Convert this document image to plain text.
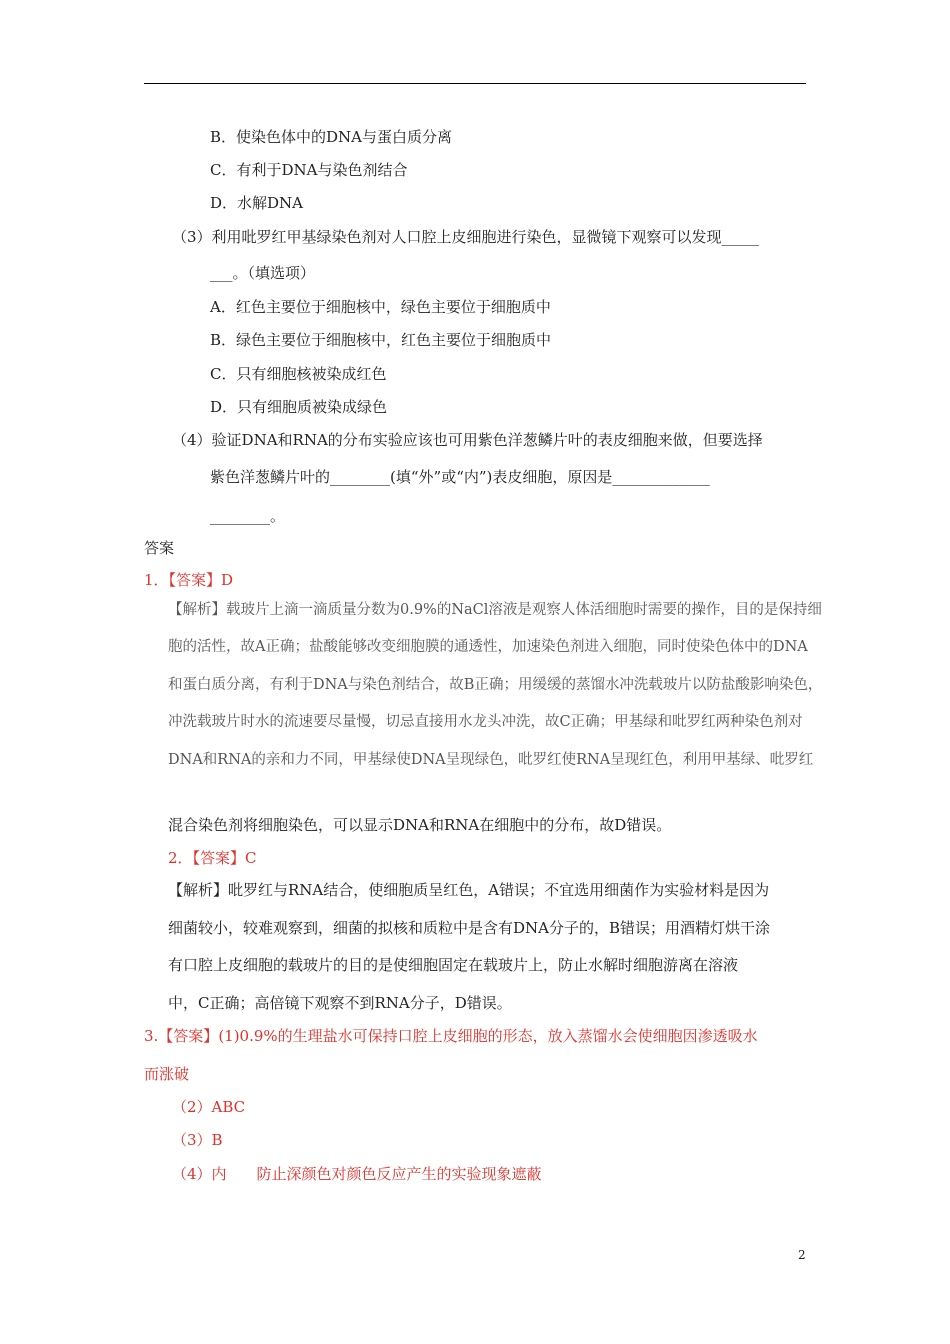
B．使染色体中的DNA与蛋白质分离
C．有利于DNA与染色剂结合
D．水解DNA
（3）利用吡罗红甲基绿染色剂对人口腔上皮细胞进行染色，显微镜下观察可以发现_____
___。（填选项）
A．红色主要位于细胞核中，绿色主要位于细胞质中
B．绿色主要位于细胞核中，红色主要位于细胞质中
C．只有细胞核被染成红色
D．只有细胞质被染成绿色
（4）验证DNA和RNA的分布实验应该也可用紫色洋葱鳞片叶的表皮细胞来做，但要选择
紫色洋葱鳞片叶的________(填“外”或“内”)表皮细胞，原因是_____________
________。
答案
1．【答案】D
【解析】载玻片上滴一滴质量分数为0.9%的NaCl溶液是观察人体活细胞时需要的操作，目的是保持细
胞的活性，故A正确；盐酸能够改变细胞膜的通透性，加速染色剂进入细胞，同时使染色体中的DNA
和蛋白质分离，有利于DNA与染色剂结合，故B正确；用缓缓的蒸馏水冲洗载玻片以防盐酸影响染色，
冲洗载玻片时水的流速要尽量慢，切忌直接用水龙头冲洗，故C正确；甲基绿和吡罗红两种染色剂对
DNA和RNA的亲和力不同，甲基绿使DNA呈现绿色，吡罗红使RNA呈现红色，利用甲基绿、吡罗红
混合染色剂将细胞染色，可以显示DNA和RNA在细胞中的分布，故D错误。
2．【答案】C
【解析】吡罗红与RNA结合，使细胞质呈红色，A错误；不宜选用细菌作为实验材料是因为
细菌较小，较难观察到，细菌的拟核和质粒中是含有DNA分子的，B错误；用酒精灯烘干涂
有口腔上皮细胞的载玻片的目的是使细胞固定在载玻片上，防止水解时细胞游离在溶液
中，C正确；高倍镜下观察不到RNA分子，D错误。
3.【答案】(1)0.9%的生理盐水可保持口腔上皮细胞的形态，放入蒸馏水会使细胞因渗透吸水
而涨破
（2）ABC
（3）B
（4）内　　防止深颜色对颜色反应产生的实验现象遮蔽
2
